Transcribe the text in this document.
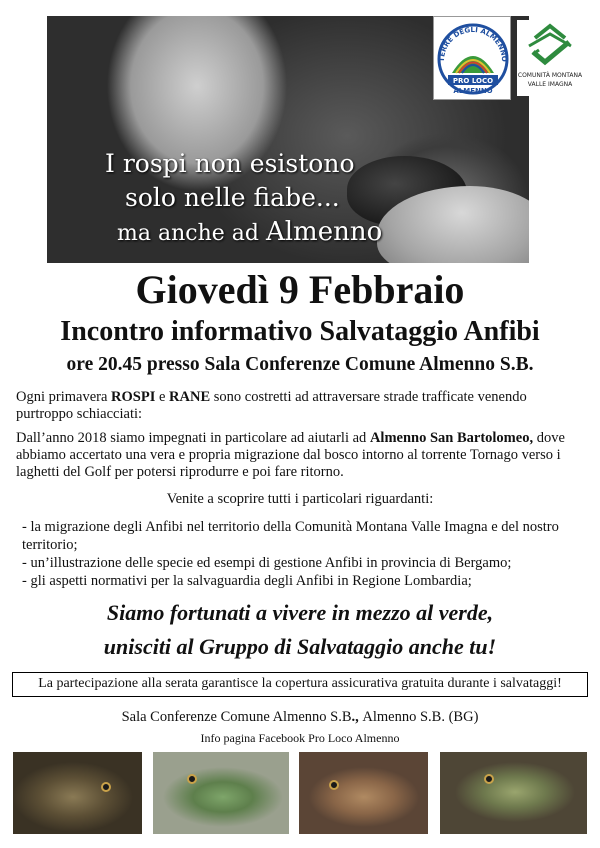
I rospi non esistono
solo nelle fiabe...
ma anche ad Almenno
TERRE DEGLI ALMENNO
PRO LOCO
ALMENNO
COMUNITÀ MONTANA
VALLE IMAGNA
Giovedì 9 Febbraio
Incontro informativo Salvataggio Anfibi
ore 20.45 presso Sala Conferenze Comune Almenno S.B.

Ogni primavera ROSPI e RANE sono costretti ad attraversare strade trafficate venendo purtroppo schiacciati:

Dall’anno 2018 siamo impegnati in particolare ad aiutarli ad Almenno San Bartolomeo, dove abbiamo accertato una vera e propria migrazione dal bosco intorno al torrente Tornago verso i laghetti del Golf per potersi riprodurre e poi fare ritorno.

Venite a scoprire tutti i particolari riguardanti:
- la migrazione degli Anfibi nel territorio della Comunità Montana Valle Imagna e del nostro territorio;
- un’illustrazione delle specie ed esempi di gestione Anfibi in provincia di Bergamo;
- gli aspetti normativi per la salvaguardia degli Anfibi in Regione Lombardia;
Siamo fortunati a vivere in mezzo al verde,
unisciti al Gruppo di Salvataggio anche tu!
La partecipazione alla serata garantisce la copertura assicurativa gratuita durante i salvataggi!
Sala Conferenze Comune Almenno S.B., Almenno S.B. (BG)
Info pagina Facebook Pro Loco Almenno
